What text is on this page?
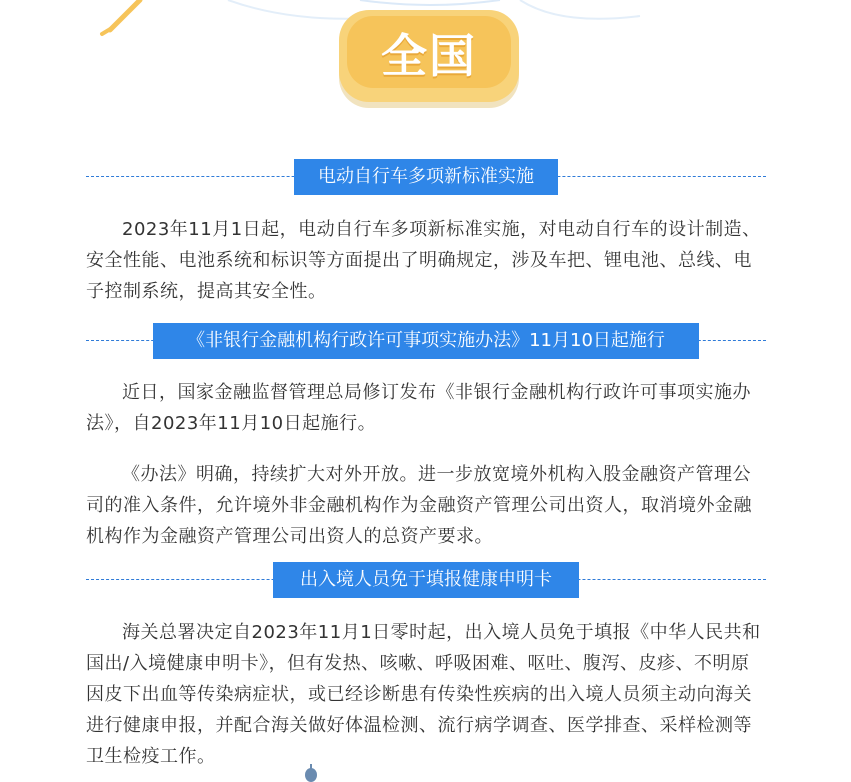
全国
电动自行车多项新标准实施

2023年11月1日起，电动自行车多项新标准实施，对电动自行车的设计制造、安全性能、电池系统和标识等方面提出了明确规定，涉及车把、锂电池、总线、电子控制系统，提高其安全性。

《非银行金融机构行政许可事项实施办法》11月10日起施行

近日，国家金融监督管理总局修订发布《非银行金融机构行政许可事项实施办法》，自2023年11月10日起施行。

《办法》明确，持续扩大对外开放。进一步放宽境外机构入股金融资产管理公司的准入条件，允许境外非金融机构作为金融资产管理公司出资人，取消境外金融机构作为金融资产管理公司出资人的总资产要求。

出入境人员免于填报健康申明卡

海关总署决定自2023年11月1日零时起，出入境人员免于填报《中华人民共和国出/入境健康申明卡》，但有发热、咳嗽、呼吸困难、呕吐、腹泻、皮疹、不明原因皮下出血等传染病症状，或已经诊断患有传染性疾病的出入境人员须主动向海关进行健康申报，并配合海关做好体温检测、流行病学调查、医学排查、采样检测等卫生检疫工作。
